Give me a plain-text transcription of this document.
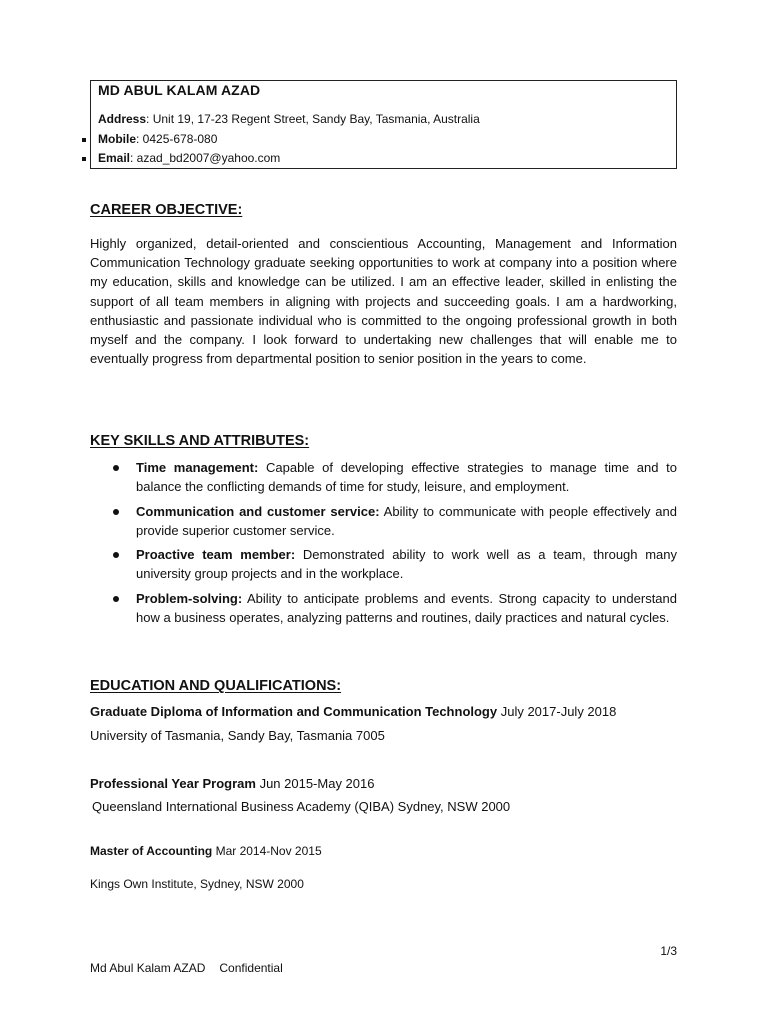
MD ABUL KALAM AZAD
Address: Unit 19, 17-23 Regent Street, Sandy Bay, Tasmania, Australia
Mobile: 0425-678-080
Email: azad_bd2007@yahoo.com
CAREER OBJECTIVE:
Highly organized, detail-oriented and conscientious Accounting, Management and Information Communication Technology graduate seeking opportunities to work at company into a position where my education, skills and knowledge can be utilized. I am an effective leader, skilled in enlisting the support of all team members in aligning with projects and succeeding goals. I am a hardworking, enthusiastic and passionate individual who is committed to the ongoing professional growth in both myself and the company. I look forward to undertaking new challenges that will enable me to eventually progress from departmental position to senior position in the years to come.
KEY SKILLS AND ATTRIBUTES:
Time management: Capable of developing effective strategies to manage time and to balance the conflicting demands of time for study, leisure, and employment.
Communication and customer service: Ability to communicate with people effectively and provide superior customer service.
Proactive team member: Demonstrated ability to work well as a team, through many university group projects and in the workplace.
Problem-solving: Ability to anticipate problems and events. Strong capacity to understand how a business operates, analyzing patterns and routines, daily practices and natural cycles.
EDUCATION AND QUALIFICATIONS:
Graduate Diploma of Information and Communication Technology July 2017-July 2018
University of Tasmania, Sandy Bay, Tasmania 7005
Professional Year Program Jun 2015-May 2016
Queensland International Business Academy (QIBA) Sydney, NSW 2000
Master of Accounting Mar 2014-Nov 2015
Kings Own Institute, Sydney, NSW 2000
1/3
Md Abul Kalam AZAD Confidential
